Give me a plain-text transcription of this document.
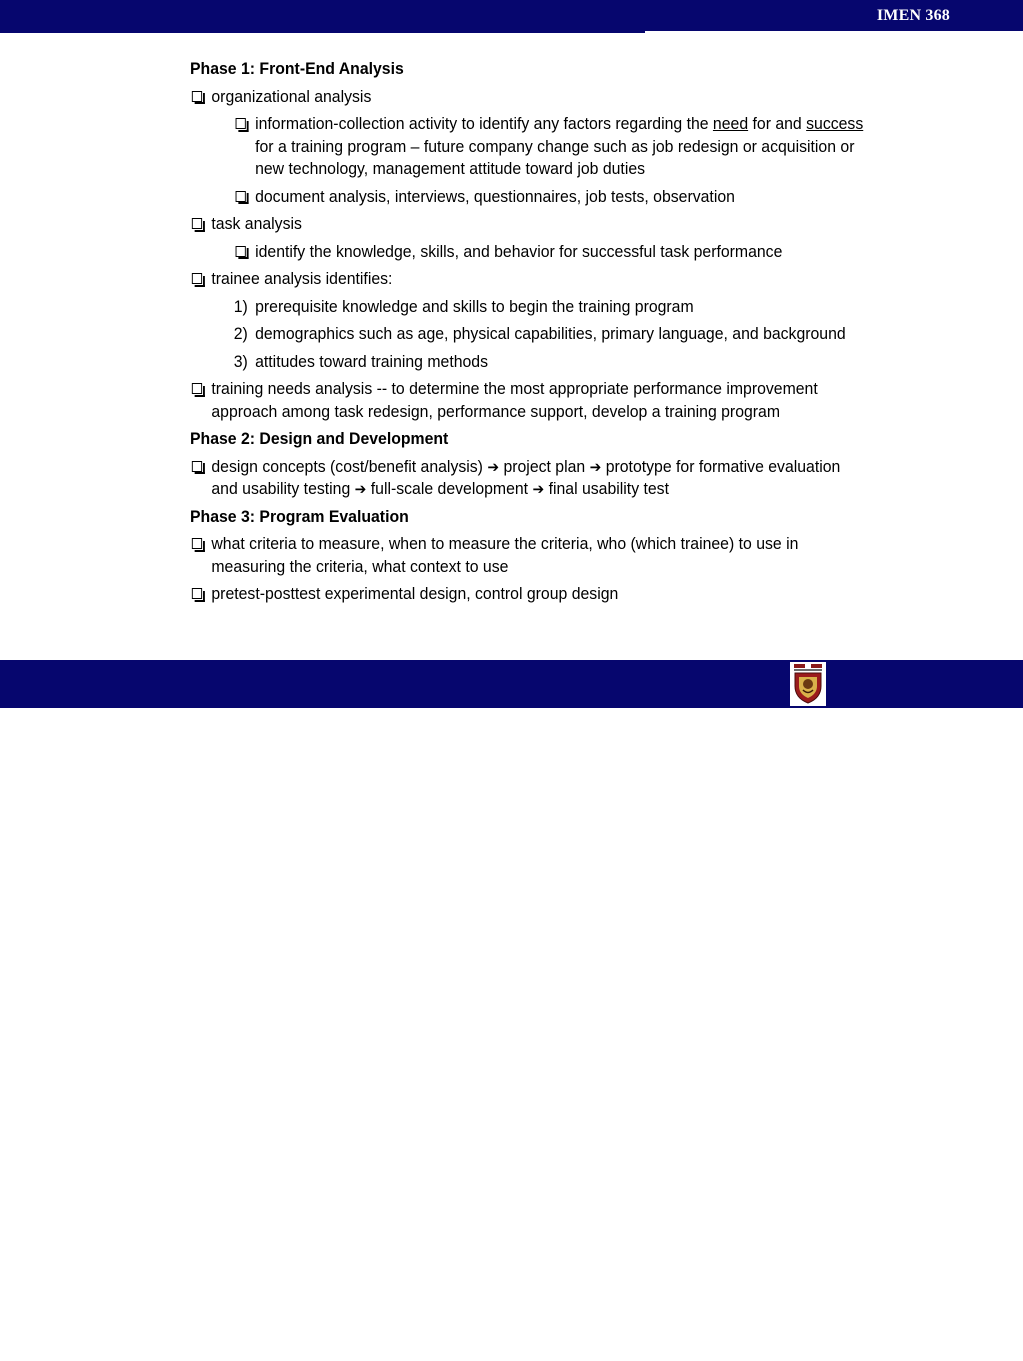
IMEN 368

Phase 1: Front-End Analysis

organizational analysis
information-collection activity to identify any factors regarding the need for and success for a training program – future company change such as job redesign or acquisition or new technology, management attitude toward job duties
document analysis, interviews, questionnaires, job tests, observation
task analysis
identify the knowledge, skills, and behavior for successful task performance
trainee analysis identifies:
1) prerequisite knowledge and skills to begin the training program
2) demographics such as age, physical capabilities, primary language, and background
3) attitudes toward training methods
training needs analysis -- to determine the most appropriate performance improvement approach among task redesign, performance support, develop a training program

Phase 2: Design and Development

design concepts (cost/benefit analysis) ➔ project plan ➔ prototype for formative evaluation and usability testing ➔ full-scale development ➔ final usability test

Phase 3: Program Evaluation

what criteria to measure, when to measure the criteria, who (which trainee) to use in measuring the criteria, what context to use
pretest-posttest experimental design, control group design
정보경영공학부
